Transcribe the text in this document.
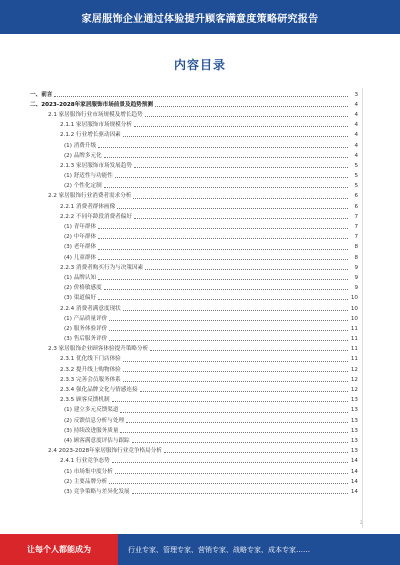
家居服饰企业通过体验提升顾客满意度策略研究报告
内容目录
一、前言	3
二、2023-2028年家居服饰市场前景及趋势预测	4
2.1 家居服饰行业市场规模及增长趋势	4
2.1.1 家居服饰市场规模分析	4
2.1.2 行业增长驱动因素	4
(1) 消费升级	4
(2) 品牌多元化	4
2.1.3 家居服饰市场发展趋势	5
(1) 舒适性与功能性	5
(2) 个性化定制	5
2.2 家居服饰行业消费者需求分析	6
2.2.1 消费者群体画像	6
2.2.2 不同年龄段消费者偏好	7
(1) 青年群体	7
(2) 中年群体	7
(3) 老年群体	8
(4) 儿童群体	8
2.2.3 消费者购买行为与决策因素	9
(1) 品牌认知	9
(2) 价格敏感度	9
(3) 渠道偏好	10
2.2.4 消费者满意度现状	10
(1) 产品质量评价	10
(2) 服务体验评价	11
(3) 售后服务评价	11
2.3 家居服饰企业顾客体验提升策略分析	11
2.3.1 优化线下门店体验	11
2.3.2 提升线上购物体验	12
2.3.3 完善会员服务体系	12
2.3.4 强化品牌文化与情感连接	12
2.3.5 顾客反馈机制	13
(1) 建立多元反馈渠道	13
(2) 反馈信息分析与处理	13
(3) 持续改进服务质量	13
(4) 顾客满意度评估与跟踪	13
2.4 2023-2028年家居服饰行业竞争格局分析	13
2.4.1 行业竞争态势	14
(1) 市场集中度分析	14
(2) 主要品牌分析	14
(3) 竞争策略与差异化发展	14
2
让每个人都能成为	行业专家、管理专家、营销专家、战略专家、成本专家……
